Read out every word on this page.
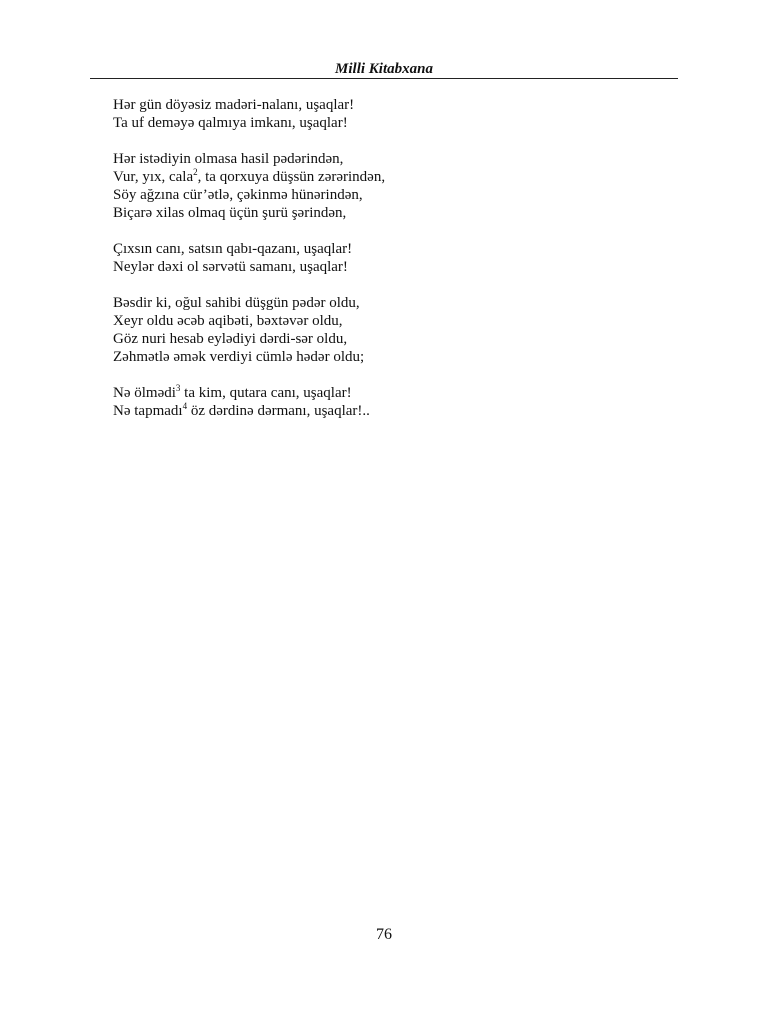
Milli Kitabxana
Hər gün döyəsiz madəri-nalanı, uşaqlar!
Ta uf deməyə qalmıya imkanı, uşaqlar!
Hər istədiyin olmasa hasil pədərindən,
Vur, yıx, cala$^2$, ta qorxuya düşsün zərərindən,
Söy ağzına cür’ətlə, çəkinmə hünərindən,
Biçarə xilas olmaq üçün şurü şərindən,
Çıxsın canı, satsın qabı-qazanı, uşaqlar!
Neylər dəxi ol sərvətü samanı, uşaqlar!
Bəsdir ki, oğul sahibi düşgün pədər oldu,
Xeyr oldu əcəb aqibəti, bəxtəvər oldu,
Göz nuri hesab eylədiyi dərdi-sər oldu,
Zəhmətlə əmək verdiyi cümlə hədər oldu;
Nə ölmədi$^3$ ta kim, qutara canı, uşaqlar!
Nə tapmadı$^4$ öz dərdinə dərmanı, uşaqlar!..
76
